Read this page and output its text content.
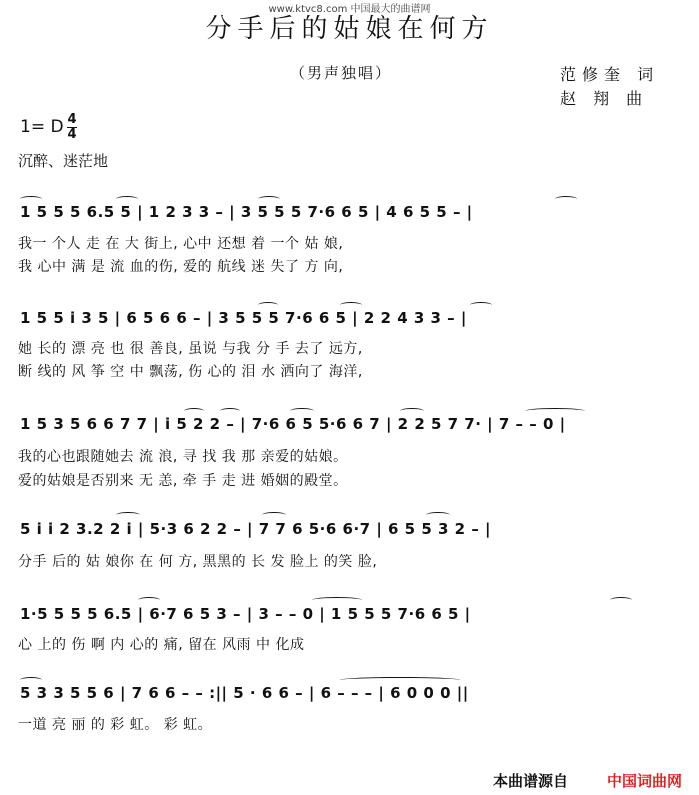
www.ktvc8.com 中国最大的曲谱网
分手后的姑娘在何方
（男声独唱）	范修奎 词
赵 翔 曲
1= D 4
4
沉醉、迷茫地
1 5 5 5 6.5 5 | 1 2 3 3 – | 3 5 5 5 7·6 6 5 | 4 6 5 5 – |
我一 个人 走 在 大 街上, 心中 还想 着 一个 姑 娘,
我 心中 满 是 流 血的伤, 爱的 航线 迷 失了 方 向,
1 5 5 i 3 5 | 6 5 6 6 – | 3 5 5 5 7·6 6 5 | 2 2 4 3 3 – |
她 长的 漂 亮 也 很 善良, 虽说 与我 分 手 去了 远方,
断 线的 风 筝 空 中 飘荡, 伤 心的 泪 水 洒向了 海洋,
1 5 3 5 6 6 7 7 | i 5 2 2 – | 7·6 6 5 5·6 6 7 | 2 2 5 7 7· | 7 – – 0 |
我的心也跟随她去 流 浪, 寻 找 我 那 亲爱的姑娘。
爱的姑娘是否别来 无 恙, 牵 手 走 进 婚姻的殿堂。
5 i i 2 3.2 2 i | 5·3 6 2 2 – | 7 7 6 5·6 6·7 | 6 5 5 3 2 – |
分手 后的 姑 娘你 在 何 方, 黑黑的 长 发 脸上 的笑 脸,
1·5 5 5 5 6.5 | 6·7 6 5 3 – | 3 – – 0 | 1 5 5 5 7·6 6 5 |
心 上的 伤 啊 内 心的 痛, 留在 风雨 中 化成
5 3 3 5 5 6 | 7 6 6 – – :|| 5 · 6 6 – | 6 – – – | 6 0 0 0 ||
一道 亮 丽 的 彩 虹。 彩 虹。
本曲谱源自	中国词曲网
